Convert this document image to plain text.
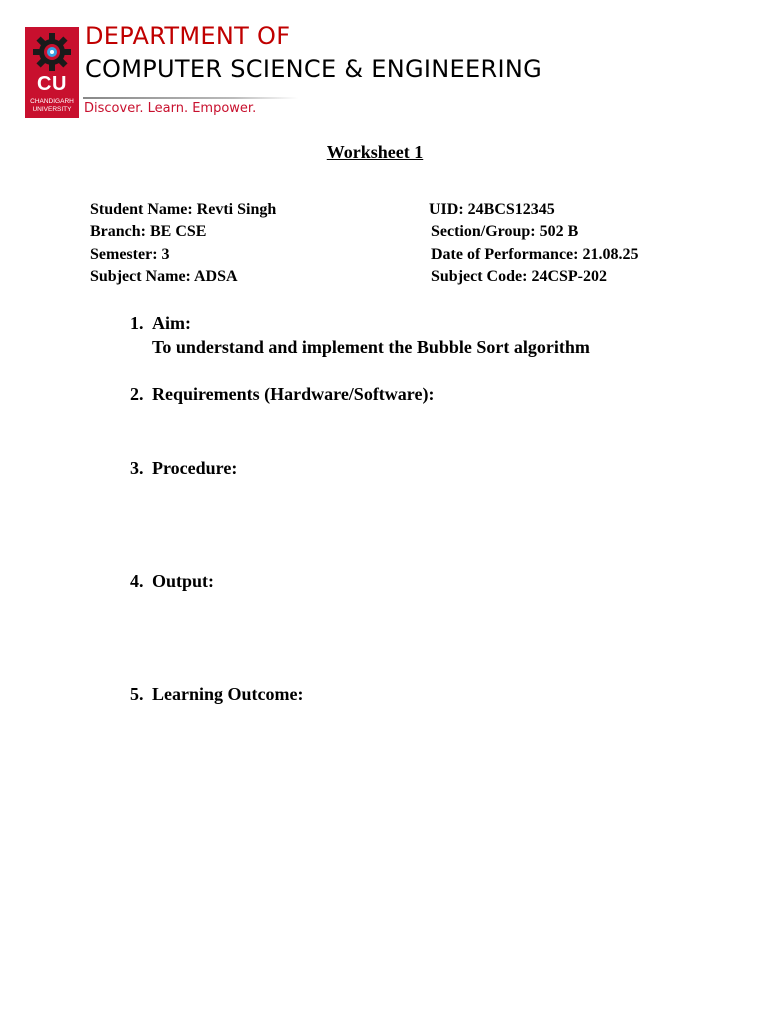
CU
CHANDIGARH
UNIVERSITY
DEPARTMENT OF
COMPUTER SCIENCE & ENGINEERING
Discover. Learn. Empower.
Worksheet 1
Student Name: Revti Singh	UID: 24BCS12345
Branch: BE CSE	Section/Group: 502 B
Semester: 3	Date of Performance: 21.08.25
Subject Name: ADSA	Subject Code: 24CSP-202
1. Aim:
To understand and implement the Bubble Sort algorithm
2. Requirements (Hardware/Software):
3. Procedure:
4. Output:
5. Learning Outcome:
